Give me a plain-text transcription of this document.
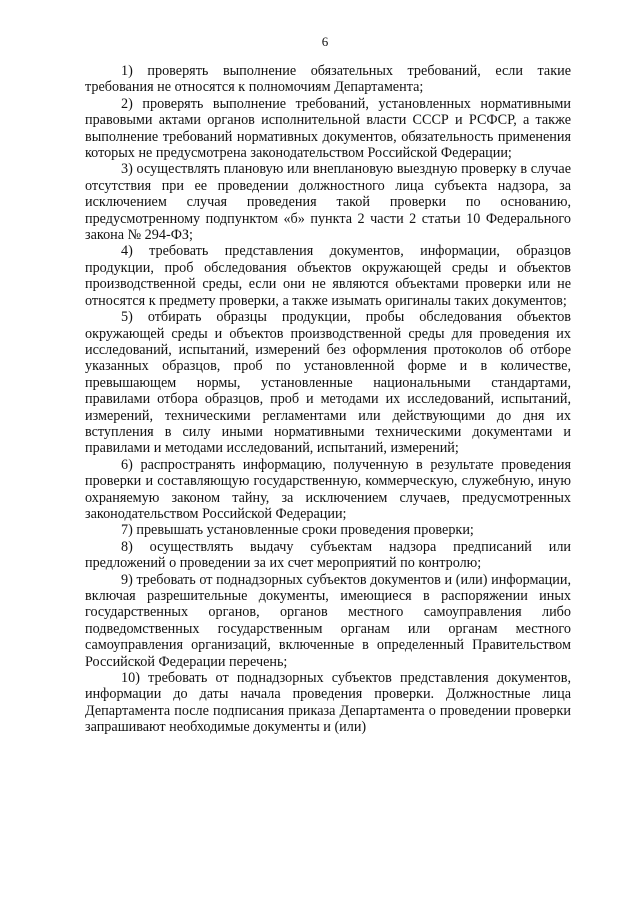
6

1) проверять выполнение обязательных требований, если такие требования не относятся к полномочиям Департамента;

2) проверять выполнение требований, установленных нормативными правовыми актами органов исполнительной власти СССР и РСФСР, а также выполнение требований нормативных документов, обязательность применения которых не предусмотрена законодательством Российской Федерации;

3) осуществлять плановую или внеплановую выездную проверку в случае отсутствия при ее проведении должностного лица субъекта надзора, за исключением случая проведения такой проверки по основанию, предусмотренному подпунктом «б» пункта 2 части 2 статьи 10 Федерального закона № 294-ФЗ;

4) требовать представления документов, информации, образцов продукции, проб обследования объектов окружающей среды и объектов производственной среды, если они не являются объектами проверки или не относятся к предмету проверки, а также изымать оригиналы таких документов;

5) отбирать образцы продукции, пробы обследования объектов окружающей среды и объектов производственной среды для проведения их исследований, испытаний, измерений без оформления протоколов об отборе указанных образцов, проб по установленной форме и в количестве, превышающем нормы, установленные национальными стандартами, правилами отбора образцов, проб и методами их исследований, испытаний, измерений, техническими регламентами или действующими до дня их вступления в силу иными нормативными техническими документами и правилами и методами исследований, испытаний, измерений;

6) распространять информацию, полученную в результате проведения проверки и составляющую государственную, коммерческую, служебную, иную охраняемую законом тайну, за исключением случаев, предусмотренных законодательством Российской Федерации;

7) превышать установленные сроки проведения проверки;

8) осуществлять выдачу субъектам надзора предписаний или предложений о проведении за их счет мероприятий по контролю;

9) требовать от поднадзорных субъектов документов и (или) информации, включая разрешительные документы, имеющиеся в распоряжении иных государственных органов, органов местного самоуправления либо подведомственных государственным органам или органам местного самоуправления организаций, включенные в определенный Правительством Российской Федерации перечень;

10) требовать от поднадзорных субъектов представления документов, информации до даты начала проведения проверки. Должностные лица Департамента после подписания приказа Департамента о проведении проверки запрашивают необходимые документы и (или)
